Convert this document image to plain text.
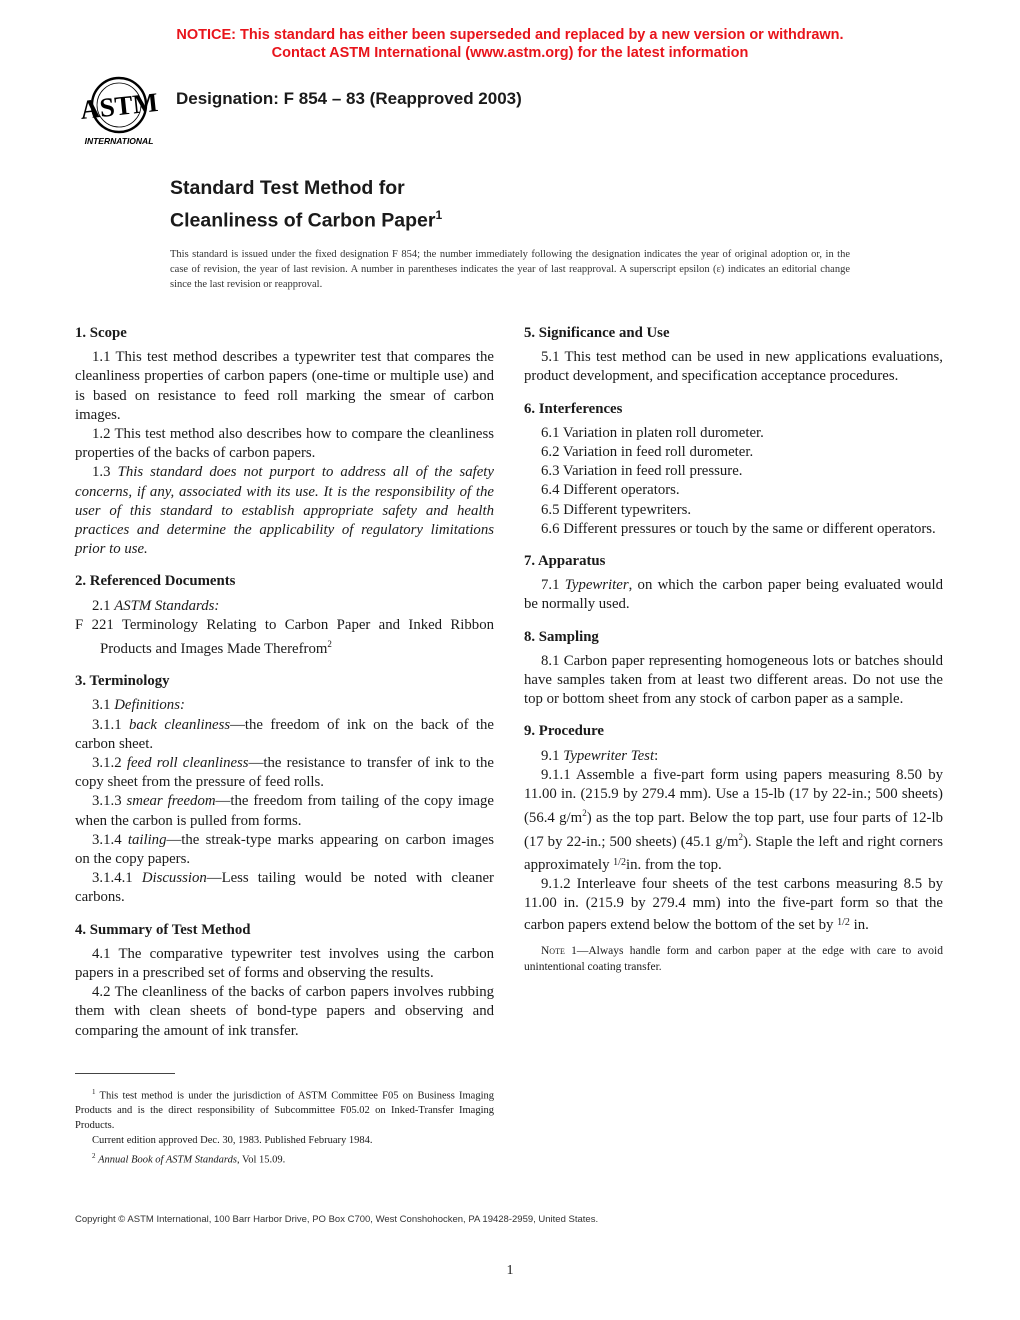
NOTICE: This standard has either been superseded and replaced by a new version or withdrawn.
Contact ASTM International (www.astm.org) for the latest information
ASTM
INTERNATIONAL
Designation: F 854 – 83 (Reapproved 2003)
Standard Test Method for
Cleanliness of Carbon Paper$^1$
This standard is issued under the fixed designation F 854; the number immediately following the designation indicates the year of original adoption or, in the case of revision, the year of last revision. A number in parentheses indicates the year of last reapproval. A superscript epsilon (ε) indicates an editorial change since the last revision or reapproval.
1. Scope

1.1 This test method describes a typewriter test that compares the cleanliness properties of carbon papers (one-time or multiple use) and is based on resistance to feed roll marking the smear of carbon images.

1.2 This test method also describes how to compare the cleanliness properties of the backs of carbon papers.

1.3 This standard does not purport to address all of the safety concerns, if any, associated with its use. It is the responsibility of the user of this standard to establish appropriate safety and health practices and determine the applicability of regulatory limitations prior to use.

2. Referenced Documents

2.1 ASTM Standards:

F 221 Terminology Relating to Carbon Paper and Inked Ribbon Products and Images Made Therefrom$^2$

3. Terminology

3.1 Definitions:

3.1.1 back cleanliness—the freedom of ink on the back of the carbon sheet.

3.1.2 feed roll cleanliness—the resistance to transfer of ink to the copy sheet from the pressure of feed rolls.

3.1.3 smear freedom—the freedom from tailing of the copy image when the carbon is pulled from forms.

3.1.4 tailing—the streak-type marks appearing on carbon images on the copy papers.

3.1.4.1 Discussion—Less tailing would be noted with cleaner carbons.

4. Summary of Test Method

4.1 The comparative typewriter test involves using the carbon papers in a prescribed set of forms and observing the results.

4.2 The cleanliness of the backs of carbon papers involves rubbing them with clean sheets of bond-type papers and observing and comparing the amount of ink transfer.

5. Significance and Use

5.1 This test method can be used in new applications evaluations, product development, and specification acceptance procedures.

6. Interferences

6.1 Variation in platen roll durometer.

6.2 Variation in feed roll durometer.

6.3 Variation in feed roll pressure.

6.4 Different operators.

6.5 Different typewriters.

6.6 Different pressures or touch by the same or different operators.

7. Apparatus

7.1 Typewriter, on which the carbon paper being evaluated would be normally used.

8. Sampling

8.1 Carbon paper representing homogeneous lots or batches should have samples taken from at least two different areas. Do not use the top or bottom sheet from any stock of carbon paper as a sample.

9. Procedure

9.1 Typewriter Test:

9.1.1 Assemble a five-part form using papers measuring 8.50 by 11.00 in. (215.9 by 279.4 mm). Use a 15-lb (17 by 22-in.; 500 sheets) (56.4 $g/m^2$) as the top part. Below the top part, use four parts of 12-lb (17 by 22-in.; 500 sheets) (45.1 $g/m^2$). Staple the left and right corners approximately $^{1/2}$in. from the top.

9.1.2 Interleave four sheets of the test carbons measuring 8.5 by 11.00 in. (215.9 by 279.4 mm) into the five-part form so that the carbon papers extend below the bottom of the set by $^{1/2}$ in.

Note 1—Always handle form and carbon paper at the edge with care to avoid unintentional coating transfer.

$^1$ This test method is under the jurisdiction of ASTM Committee F05 on Business Imaging Products and is the direct responsibility of Subcommittee F05.02 on Inked-Transfer Imaging Products.

Current edition approved Dec. 30, 1983. Published February 1984.

$^2$ Annual Book of ASTM Standards, Vol 15.09.

Copyright © ASTM International, 100 Barr Harbor Drive, PO Box C700, West Conshohocken, PA 19428-2959, United States.
1
